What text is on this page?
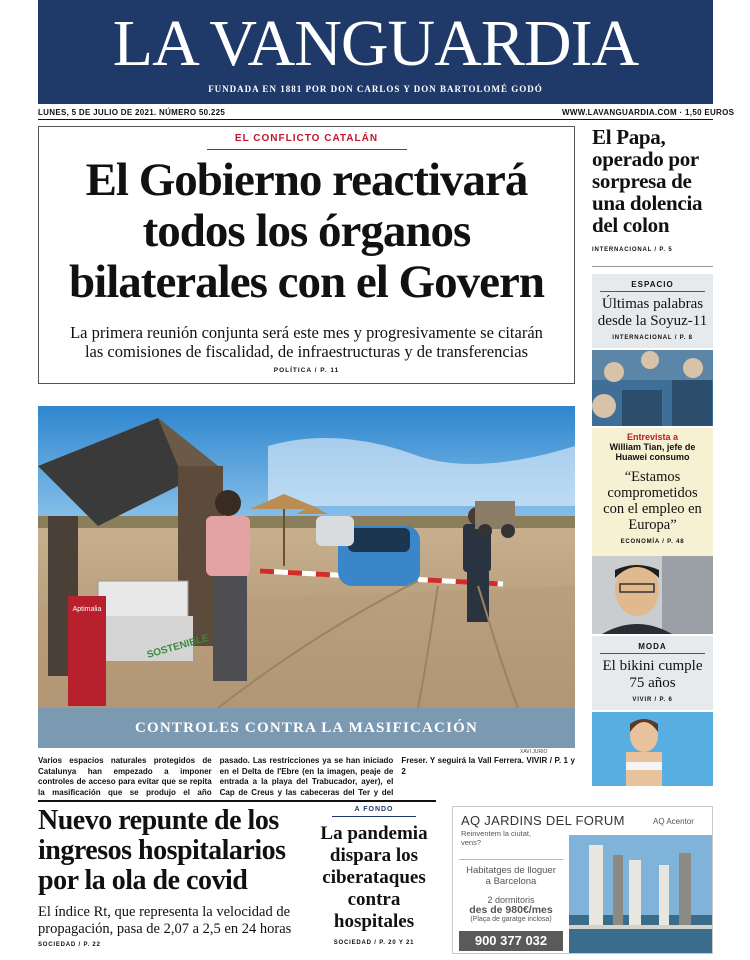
LA VANGUARDIA
FUNDADA EN 1881 POR DON CARLOS Y DON BARTOLOMÉ GODÓ
LUNES, 5 DE JULIO DE 2021. NÚMERO 50.225	WWW.LAVANGUARDIA.COM · 1,50 EUROS
EL CONFLICTO CATALÁN
El Gobierno reactivará
todos los órganos
bilaterales con el Govern
La primera reunión conjunta será este mes y progresivamente se citarán
las comisiones de fiscalidad, de infraestructuras y de transferencias
POLÍTICA / P. 11
Aptimalia
SOSTENIBLE
CONTROLES CONTRA LA MASIFICACIÓN
XAVI JURIO
Varios espacios naturales protegidos de Catalunya han empezado a imponer controles de acceso para evitar que se repita la masificación que se produjo el año pasado. Las restricciones ya se han iniciado en el Delta de l'Ebre (en la imagen, peaje de entrada a la playa del Trabucador, ayer), el Cap de Creus y las cabeceras del Ter y del Freser. Y seguirá la Vall Ferrera. VIVIR / P. 1 y 2
El Papa, operado por sorpresa de una dolencia del colon
INTERNACIONAL / P. 5
ESPACIO
Últimas palabras
desde la Soyuz-11
INTERNACIONAL / P. 8
Entrevista a
William Tian, jefe de Huawei consumo
“Estamos comprometidos con el empleo en Europa”
ECONOMÍA / P. 48
MODA
El bikini cumple
75 años
VIVIR / P. 6
Nuevo repunte de los ingresos hospitalarios por la ola de covid

El índice Rt, que representa la velocidad de propagación, pasa de 2,07 a 2,5 en 24 horas

SOCIEDAD / P. 22
A FONDO
La pandemia dispara los ciberataques contra hospitales
SOCIEDAD / P. 20 Y 21
AQ JARDINS DEL FORUM
Reinventem la ciutat, vens?
AQ Acentor
Habitatges de lloguer
a Barcelona
2 dormitoris
des de 980€/mes
(Plaça de garatge inclosa)
900 377 032
